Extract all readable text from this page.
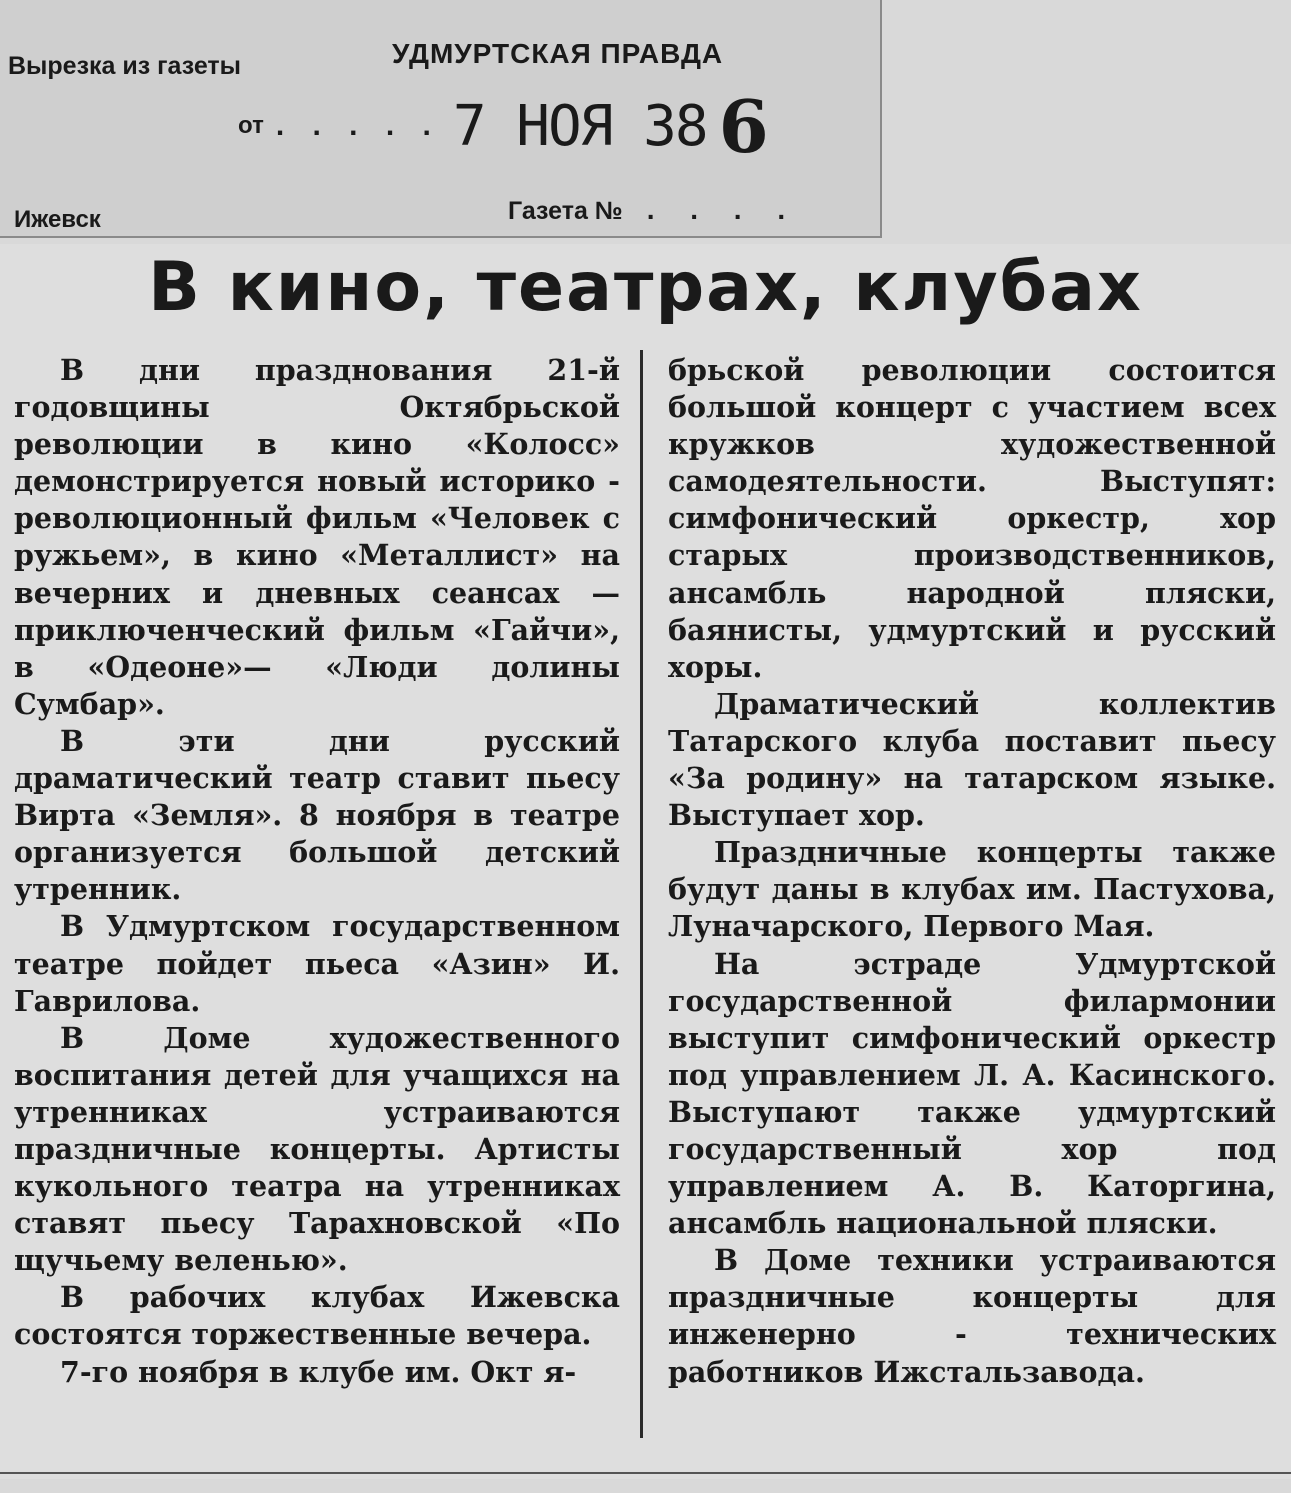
Вырезка из газеты	УДМУРТСКАЯ ПРАВДА
от . . . . . 7 НОЯ 38 6
Ижевск	Газета № . . . .
В кино, театрах, клубах

В дни празднования 21-й годовщины Октябрьской революции в кино «Колосс» демонстрируется новый историко - революционный фильм «Человек с ружьем», в кино «Металлист» на вечерних и дневных сеансах — приключенческий фильм «Гайчи», в «Одеоне»— «Люди долины Сумбар».

В эти дни русский драматический театр ставит пьесу Вирта «Земля». 8 ноября в театре организуется большой детский утренник.

В Удмуртском государственном театре пойдет пьеса «Азин» И. Гаврилова.

В Доме художественного воспитания детей для учащихся на утренниках устраиваются праздничные концерты. Артисты кукольного театра на утренниках ставят пьесу Тарахновской «По щучьему веленью».

В рабочих клубах Ижевска состоятся торжественные вечера.

7-го ноября в клубе им. Окт я-

брьской революции состоится большой концерт с участием всех кружков художественной самодеятельности. Выступят: симфонический оркестр, хор старых производственников, ансамбль народной пляски, баянисты, удмуртский и русский хоры.

Драматический коллектив Татарского клуба поставит пьесу «За родину» на татарском языке. Выступает хор.

Праздничные концерты также будут даны в клубах им. Пастухова, Луначарского, Первого Мая.

На эстраде Удмуртской государственной филармонии выступит симфонический оркестр под управлением Л. А. Касинского. Выступают также удмуртский государственный хор под управлением А. В. Каторгина, ансамбль национальной пляски.

В Доме техники устраиваются праздничные концерты для инженерно - технических работников Ижстальзавода.
